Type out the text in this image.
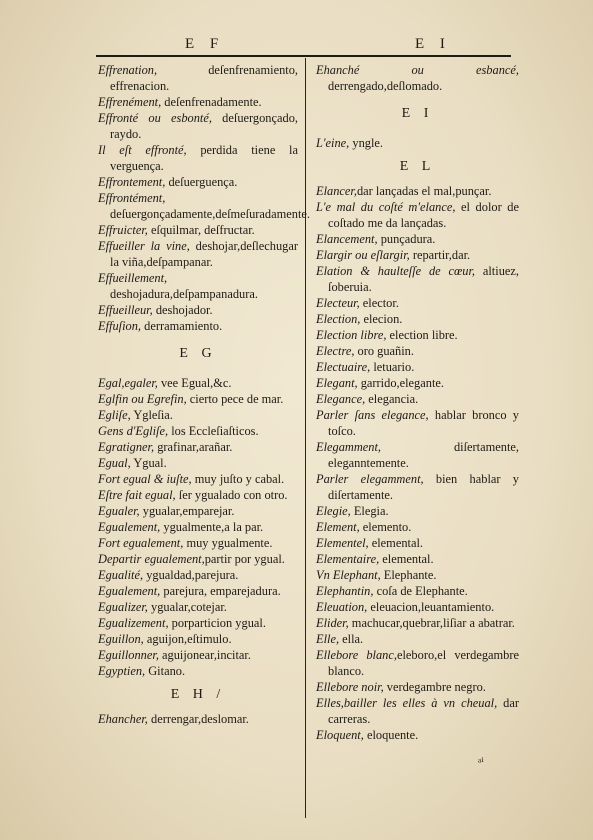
E F	E I

Effrenation, deſenfrenamiento, effrenacion.

Effrenément, deſenfrenadamente.

Effronté ou esbonté, deſuergonçado, raydo.

Il eſt effronté, perdida tiene la verguença.

Effrontement, deſuerguença.

Effrontément, deſuergonçadamente,deſmeſuradamente.

Effruicter, eſquilmar, deſfructar.

Effueiller la vine, deshojar,deſlechugar la viña,deſpampanar.

Effueillement, deshojadura,deſpampanadura.

Effueilleur, deshojador.

Effuſion, derramamiento.

E G

Egal,egaler, vee Egual,&c.

Eglfin ou Egrefin, cierto pece de mar.

Egliſe, Ygleſia.

Gens d'Egliſe, los Eccleſiaſticos.

Egratigner, grafinar,arañar.

Egual, Ygual.

Fort egual & iuſte, muy juſto y cabal.

Eſtre fait egual, ſer ygualado con otro.

Egualer, ygualar,emparejar.

Egualement, ygualmente,a la par.

Fort egualement, muy ygualmente.

Departir egualement,partir por ygual.

Egualité, ygualdad,parejura.

Egualement, parejura, emparejadura.

Egualizer, ygualar,cotejar.

Egualizement, porparticion ygual.

Eguillon, aguijon,eſtimulo.

Eguillonner, aguijonear,incitar.

Egyptien, Gitano.

E H /

Ehancher, derrengar,deslomar.

Ehanché ou esbancé, derrengado,deſlomado.

E I

L'eine, yngle.

E L

Elancer,dar lançadas el mal,punçar.

L'e mal du coſté m'elance, el dolor de coſtado me da lançadas.

Elancement, punçadura.

Elargir ou eſlargir, repartir,dar.

Elation & haulteſſe de cœur, altiuez, ſoberuia.

Electeur, elector.

Election, elecion.

Election libre, election libre.

Electre, oro guañin.

Electuaire, letuario.

Elegant, garrido,elegante.

Elegance, elegancia.

Parler ſans elegance, hablar bronco y toſco.

Elegamment, diſertamente, eleganntemente.

Parler elegamment, bien hablar y diſertamente.

Elegie, Elegia.

Element, elemento.

Elementel, elemental.

Elementaire, elemental.

Vn Elephant, Elephante.

Elephantin, coſa de Elephante.

Eleuation, eleuacion,leuantamiento.

Elider, machucar,quebrar,liſiar a abatrar.

Elle, ella.

Ellebore blanc,eleboro,el verdegambre blanco.

Ellebore noir, verdegambre negro.

Elles,bailler les elles à vn cheual, dar carreras.

Eloquent, eloquente.

ᵃⁱ
